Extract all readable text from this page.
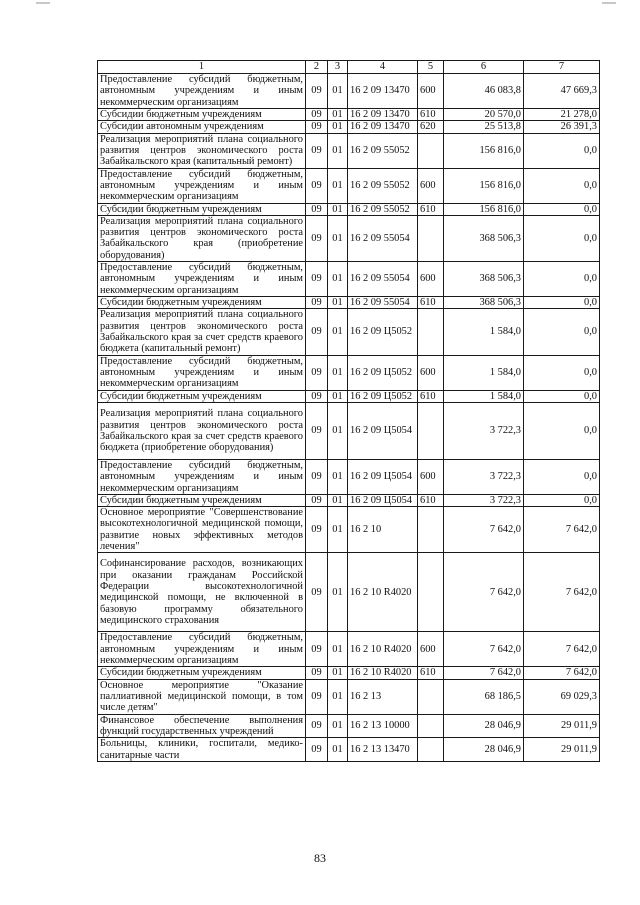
1	2	3	4	5	6	7
Предоставление субсидий бюджетным, автономным учреждениям и иным некоммерческим организациям	09	01	16 2 09 13470	600	46 083,8	47 669,3
Субсидии бюджетным учреждениям	09	01	16 2 09 13470	610	20 570,0	21 278,0
Субсидии автономным учреждениям	09	01	16 2 09 13470	620	25 513,8	26 391,3
Реализация мероприятий плана социального развития центров экономического роста Забайкальского края (капитальный ремонт)	09	01	16 2 09 55052		156 816,0	0,0
Предоставление субсидий бюджетным, автономным учреждениям и иным некоммерческим организациям	09	01	16 2 09 55052	600	156 816,0	0,0
Субсидии бюджетным учреждениям	09	01	16 2 09 55052	610	156 816,0	0,0
Реализация мероприятий плана социального развития центров экономического роста Забайкальского края (приобретение оборудования)	09	01	16 2 09 55054		368 506,3	0,0
Предоставление субсидий бюджетным, автономным учреждениям и иным некоммерческим организациям	09	01	16 2 09 55054	600	368 506,3	0,0
Субсидии бюджетным учреждениям	09	01	16 2 09 55054	610	368 506,3	0,0
Реализация мероприятий плана социального развития центров экономического роста Забайкальского края за счет средств краевого бюджета (капитальный ремонт)	09	01	16 2 09 Ц5052		1 584,0	0,0
Предоставление субсидий бюджетным, автономным учреждениям и иным некоммерческим организациям	09	01	16 2 09 Ц5052	600	1 584,0	0,0
Субсидии бюджетным учреждениям	09	01	16 2 09 Ц5052	610	1 584,0	0,0
Реализация мероприятий плана социального развития центров экономического роста Забайкальского края за счет средств краевого бюджета (приобретение оборудования)	09	01	16 2 09 Ц5054		3 722,3	0,0
Предоставление субсидий бюджетным, автономным учреждениям и иным некоммерческим организациям	09	01	16 2 09 Ц5054	600	3 722,3	0,0
Субсидии бюджетным учреждениям	09	01	16 2 09 Ц5054	610	3 722,3	0,0
Основное мероприятие "Совершенствование высокотехнологичной медицинской помощи, развитие новых эффективных методов лечения"	09	01	16 2 10		7 642,0	7 642,0
Софинансирование расходов, возникающих при оказании гражданам Российской Федерации высокотехнологичной медицинской помощи, не включенной в базовую программу обязательного медицинского страхования	09	01	16 2 10 R4020		7 642,0	7 642,0
Предоставление субсидий бюджетным, автономным учреждениям и иным некоммерческим организациям	09	01	16 2 10 R4020	600	7 642,0	7 642,0
Субсидии бюджетным учреждениям	09	01	16 2 10 R4020	610	7 642,0	7 642,0
Основное мероприятие "Оказание паллиативной медицинской помощи, в том числе детям"	09	01	16 2 13		68 186,5	69 029,3
Финансовое обеспечение выполнения функций государственных учреждений	09	01	16 2 13 10000		28 046,9	29 011,9
Больницы, клиники, госпитали, медико-санитарные части	09	01	16 2 13 13470		28 046,9	29 011,9
83
